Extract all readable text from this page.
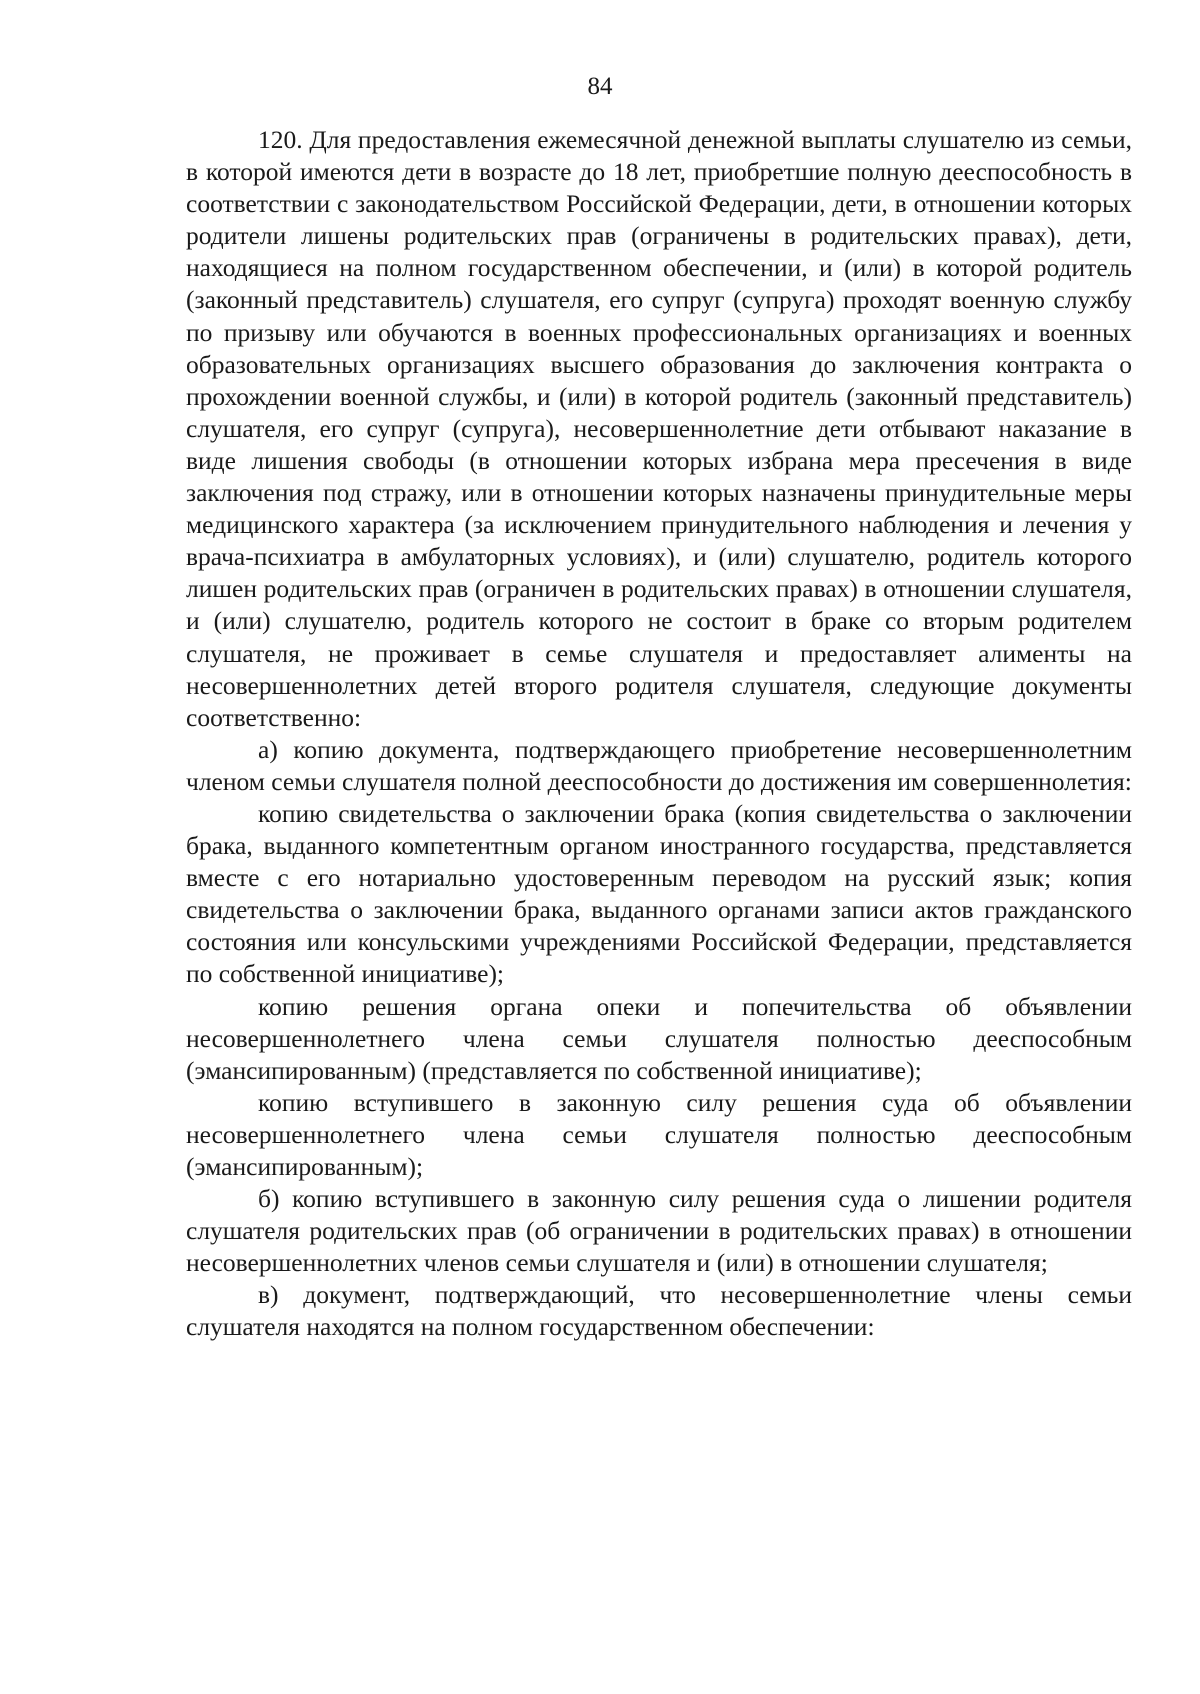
84

120. Для предоставления ежемесячной денежной выплаты слушателю из семьи, в которой имеются дети в возрасте до 18 лет, приобретшие полную дееспособность в соответствии с законодательством Российской Федерации, дети, в отношении которых родители лишены родительских прав (ограничены в родительских правах), дети, находящиеся на полном государственном обеспечении, и (или) в которой родитель (законный представитель) слушателя, его супруг (супруга) проходят военную службу по призыву или обучаются в военных профессиональных организациях и военных образовательных организациях высшего образования до заключения контракта о прохождении военной службы, и (или) в которой родитель (законный представитель) слушателя, его супруг (супруга), несовершеннолетние дети отбывают наказание в виде лишения свободы (в отношении которых избрана мера пресечения в виде заключения под стражу, или в отношении которых назначены принудительные меры медицинского характера (за исключением принудительного наблюдения и лечения у врача-психиатра в амбулаторных условиях), и (или) слушателю, родитель которого лишен родительских прав (ограничен в родительских правах) в отношении слушателя, и (или) слушателю, родитель которого не состоит в браке со вторым родителем слушателя, не проживает в семье слушателя и предоставляет алименты на несовершеннолетних детей второго родителя слушателя, следующие документы соответственно:

а) копию документа, подтверждающего приобретение несовершеннолетним членом семьи слушателя полной дееспособности до достижения им совершеннолетия:

копию свидетельства о заключении брака (копия свидетельства о заключении брака, выданного компетентным органом иностранного государства, представляется вместе с его нотариально удостоверенным переводом на русский язык; копия свидетельства о заключении брака, выданного органами записи актов гражданского состояния или консульскими учреждениями Российской Федерации, представляется по собственной инициативе);

копию решения органа опеки и попечительства об объявлении несовершеннолетнего члена семьи слушателя полностью дееспособным (эмансипированным) (представляется по собственной инициативе);

копию вступившего в законную силу решения суда об объявлении несовершеннолетнего члена семьи слушателя полностью дееспособным (эмансипированным);

б) копию вступившего в законную силу решения суда о лишении родителя слушателя родительских прав (об ограничении в родительских правах) в отношении несовершеннолетних членов семьи слушателя и (или) в отношении слушателя;

в) документ, подтверждающий, что несовершеннолетние члены семьи слушателя находятся на полном государственном обеспечении:
